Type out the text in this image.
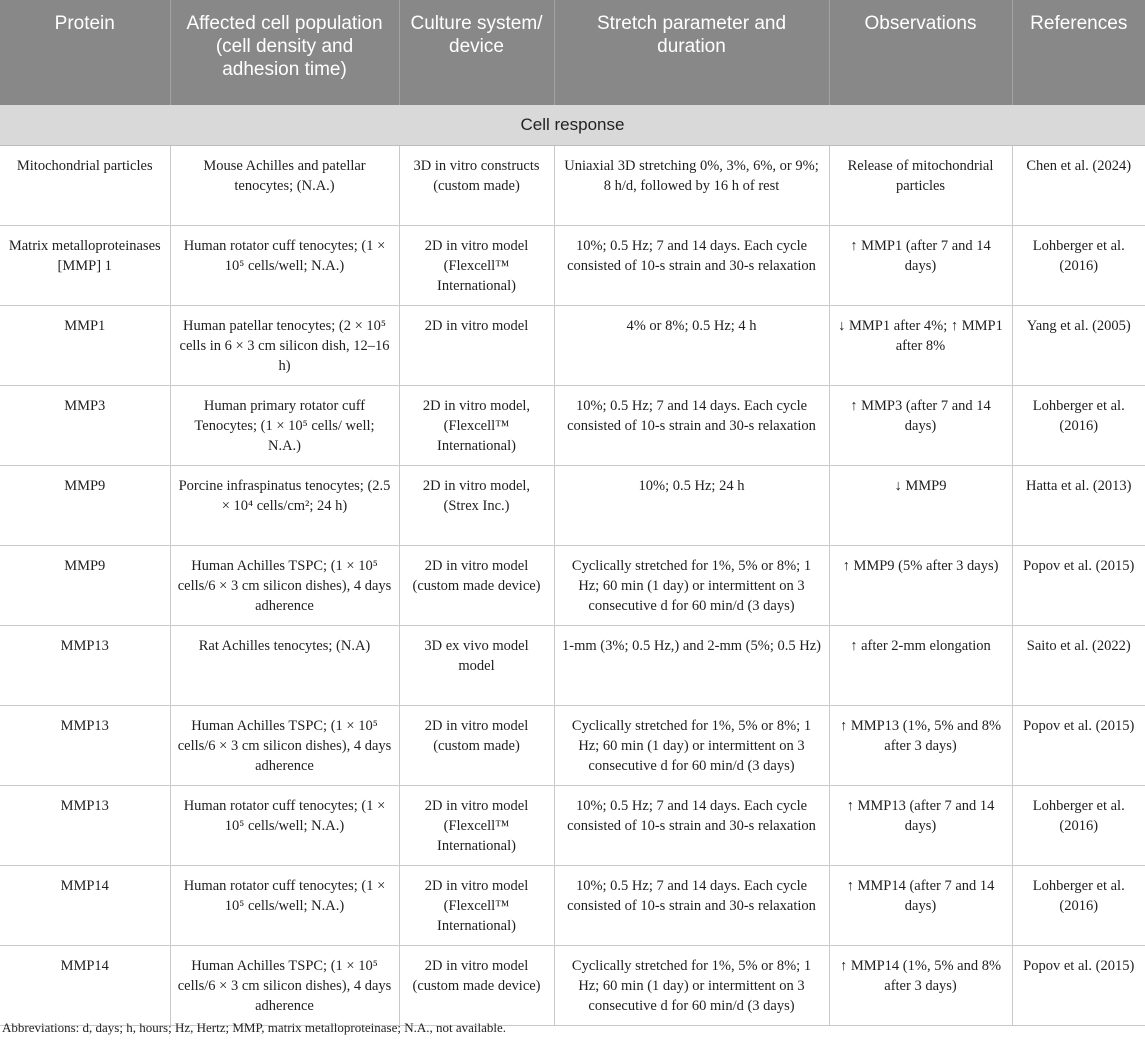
Protein	Affected cell population (cell density and adhesion time)	Culture system/ device	Stretch parameter and duration	Observations	References
Cell response					
Mitochondrial particles	Mouse Achilles and patellar tenocytes; (N.A.)	3D in vitro constructs (custom made)	Uniaxial 3D stretching 0%, 3%, 6%, or 9%; 8 h/d, followed by 16 h of rest	Release of mitochondrial particles	Chen et al. (2024)
Matrix metalloproteinases [MMP] 1	Human rotator cuff tenocytes; (1 × 10⁵ cells/well; N.A.)	2D in vitro model (Flexcell™ International)	10%; 0.5 Hz; 7 and 14 days. Each cycle consisted of 10-s strain and 30-s relaxation	↑ MMP1 (after 7 and 14 days)	Lohberger et al. (2016)
MMP1	Human patellar tenocytes; (2 × 10⁵ cells in 6 × 3 cm silicon dish, 12–16 h)	2D in vitro model	4% or 8%; 0.5 Hz; 4 h	↓ MMP1 after 4%; ↑ MMP1 after 8%	Yang et al. (2005)
MMP3	Human primary rotator cuff Tenocytes; (1 × 10⁵ cells/ well; N.A.)	2D in vitro model, (Flexcell™ International)	10%; 0.5 Hz; 7 and 14 days. Each cycle consisted of 10-s strain and 30-s relaxation	↑ MMP3 (after 7 and 14 days)	Lohberger et al. (2016)
MMP9	Porcine infraspinatus tenocytes; (2.5 × 10⁴ cells/cm²; 24 h)	2D in vitro model, (Strex Inc.)	10%; 0.5 Hz; 24 h	↓ MMP9	Hatta et al. (2013)
MMP9	Human Achilles TSPC; (1 × 10⁵ cells/6 × 3 cm silicon dishes), 4 days adherence	2D in vitro model (custom made device)	Cyclically stretched for 1%, 5% or 8%; 1 Hz; 60 min (1 day) or intermittent on 3 consecutive d for 60 min/d (3 days)	↑ MMP9 (5% after 3 days)	Popov et al. (2015)
MMP13	Rat Achilles tenocytes; (N.A)	3D ex vivo model model	1-mm (3%; 0.5 Hz,) and 2-mm (5%; 0.5 Hz)	↑ after 2-mm elongation	Saito et al. (2022)
MMP13	Human Achilles TSPC; (1 × 10⁵ cells/6 × 3 cm silicon dishes), 4 days adherence	2D in vitro model (custom made)	Cyclically stretched for 1%, 5% or 8%; 1 Hz; 60 min (1 day) or intermittent on 3 consecutive d for 60 min/d (3 days)	↑ MMP13 (1%, 5% and 8% after 3 days)	Popov et al. (2015)
MMP13	Human rotator cuff tenocytes; (1 × 10⁵ cells/well; N.A.)	2D in vitro model (Flexcell™ International)	10%; 0.5 Hz; 7 and 14 days. Each cycle consisted of 10-s strain and 30-s relaxation	↑ MMP13 (after 7 and 14 days)	Lohberger et al. (2016)
MMP14	Human rotator cuff tenocytes; (1 × 10⁵ cells/well; N.A.)	2D in vitro model (Flexcell™ International)	10%; 0.5 Hz; 7 and 14 days. Each cycle consisted of 10-s strain and 30-s relaxation	↑ MMP14 (after 7 and 14 days)	Lohberger et al. (2016)
MMP14	Human Achilles TSPC; (1 × 10⁵ cells/6 × 3 cm silicon dishes), 4 days adherence	2D in vitro model (custom made device)	Cyclically stretched for 1%, 5% or 8%; 1 Hz; 60 min (1 day) or intermittent on 3 consecutive d for 60 min/d (3 days)	↑ MMP14 (1%, 5% and 8% after 3 days)	Popov et al. (2015)
Abbreviations: d, days; h, hours; Hz, Hertz; MMP, matrix metalloproteinase; N.A., not available.
